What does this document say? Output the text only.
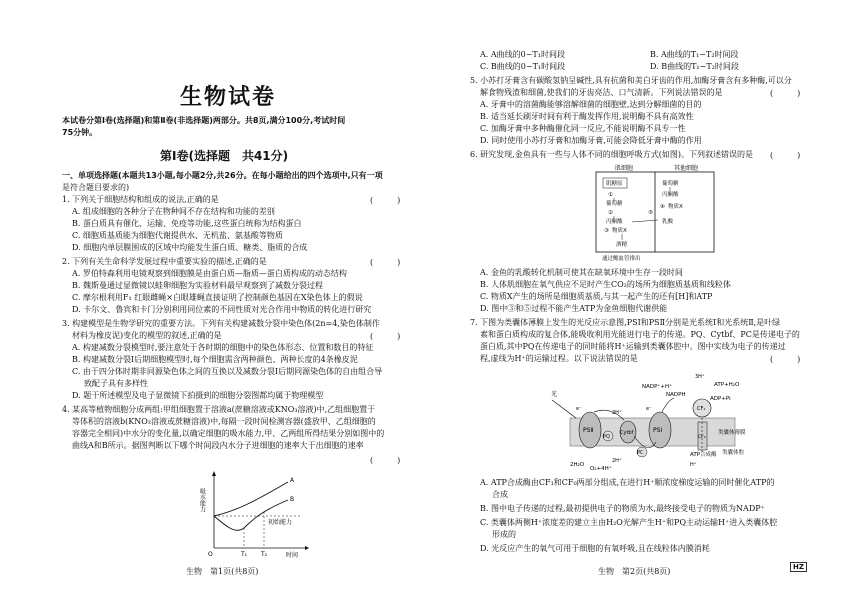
生物试卷
本试卷分第Ⅰ卷(选择题)和第Ⅱ卷(非选择题)两部分。共8页,满分100分,考试时间
75分钟。
第Ⅰ卷(选择题　共41分)
一、单项选择题(本题共13小题,每小题2分,共26分。在每小题给出的四个选项中,只有一项
是符合题目要求的)
1. 下列关于细胞结构和组成的说法,正确的是	(　　　)
A. 组成细胞的各种分子在物种间不存在结构和功能的差别
B. 蛋白质具有催化、运输、免疫等功能,这些蛋白统称为结构蛋白
C. 细胞质基质能为细胞代谢提供水、无机盐、氨基酸等物质
D. 细胞内单层膜围成的区域中均能发生蛋白质、糖类、脂质的合成
2. 下列有关生命科学发展过程中重要实验的描述,正确的是	(　　　)
A. 罗伯特森利用电镜观察到细胞膜是由蛋白质—脂质—蛋白质构成的动态结构
B. 魏斯曼通过显微镜以蛙卵细胞为实验材料最早观察到了减数分裂过程
C. 摩尔根利用F₁ 红眼雌蝇×白眼雄蝇直接证明了控制颜色基因在X染色体上的假说
D. 卡尔文、鲁宾和卡门分别利用同位素的不同性质对光合作用中物质的转化进行研究
3. 构建模型是生物学研究的重要方法。下列有关构建减数分裂中染色体(2n=4,染色体制作
材料为橡皮泥)变化的模型的叙述,正确的是	(　　　)
A. 构建减数分裂模型时,要注意处于各时期的细胞中的染色体形态、位置和数目的特征
B. 构建减数分裂Ⅰ后期细胞模型时,每个细胞需含两种颜色、两种长度的4条橡皮泥
C. 由于四分体时期非同源染色体之间的互换以及减数分裂Ⅰ后期同源染色体的自由组合导
致配子具有多样性
D. 题干所述模型及电子显微镜下拍摄到的细胞分裂图都均属于物理模型
4. 某高等植物细胞分成两组:甲组细胞置于溶液a(蔗糖溶液或KNO₃溶液)中,乙组细胞置于
等体积的溶液b(KNO₃溶液或蔗糖溶液)中,每隔一段时间检测容器(盛放甲、乙组细胞的
容器完全相同)中水分的变化量,以确定细胞的吸水能力,甲、乙两组所得结果分别如图中的
曲线A和B所示。据图判断以下哪个时间段内水分子进细胞的速率大于出细胞的速率
(　　　)
吸水能力
A
B
初始能力
O	T₁ T₂	时间
生物　第1页(共8页)
A. A曲线的0~T₁时间段	B. A曲线的T₁~T₂时间段
C. B曲线的0~T₁时间段	D. B曲线的T₁~T₂时间段
5. 小苏打牙膏含有碳酸氢钠呈碱性,具有抗菌和美白牙齿的作用,加酶牙膏含有多种酶,可以分
解食物残渣和细菌,使我们的牙齿亮洁、口气清新。下列说法错误的是	(　　　)
A. 牙膏中的溶菌酶能够溶解细菌的细胞壁,达到分解细菌的目的
B. 适当延长刷牙时间有利于酶发挥作用,说明酶不具有高效性
C. 加酶牙膏中多种酶催化同一反应,不能说明酶不具专一性
D. 同时使用小苏打牙膏和加酶牙膏,可能会降低牙膏中酶的作用
6. 研究发现,金鱼具有一些与人体不同的细胞呼吸方式(如图)。下列叙述错误的是 (　　　)
肌细胞	其他细胞
肌糖原
①
葡萄糖
②
丙酮酸
物质X
③
葡萄糖
丙酮酸
④ 物质X
乳酸
⑤
酒精
通过鳃血管排出
A. 金鱼的乳酸转化机制可使其在缺氧环境中生存一段时间
B. 人体肌细胞在氧气供应不足时产生CO₂的场所为细胞质基质和线粒体
C. 物质X产生的场所是细胞质基质,与其一起产生的还有[H]和ATP
D. 图中③和⑤过程不能产生ATP为金鱼细胞代谢供能
7. 下图为类囊体薄膜上发生的光反应示意图,PSⅠ和PSⅡ分别是光系统Ⅰ和光系统Ⅱ,是叶绿
素和蛋白质构成的复合体,能吸收利用光能进行电子的传递。PQ、Cytbf、PC是传递电子的
蛋白质,其中PQ在传递电子的同时能将H⁺运输到类囊体腔中。图中实线为电子的传递过
程,虚线为H⁺的运输过程。以下说法错误的是	(　　　)
光
PSⅡ	PSⅠ
PQ
Cytbf
PC
NADP⁺+H⁺
NADPH
e⁻	e⁻
2H⁺
2H⁺
H⁺
3H⁺
ATP+H₂O
ADP+Pi
CF₁
CF₀
ATP合成酶
类囊体薄膜
类囊体腔
2H₂O
O₂+4H⁺
A. ATP合成酶由CF₁和CF₀两部分组成,在进行H⁺顺浓度梯度运输的同时催化ATP的
合成
B. 图中电子传递的过程,最初提供电子的物质为水,最终接受电子的物质为NADP⁺
C. 类囊体两侧H⁺浓度差的建立主由H₂O光解产生H⁺和PQ主动运输H⁺进入类囊体腔
形成的
D. 光反应产生的氧气可用于细胞的有氧呼吸,且在线粒体内膜消耗
生物　第2页(共8页)	HZ
